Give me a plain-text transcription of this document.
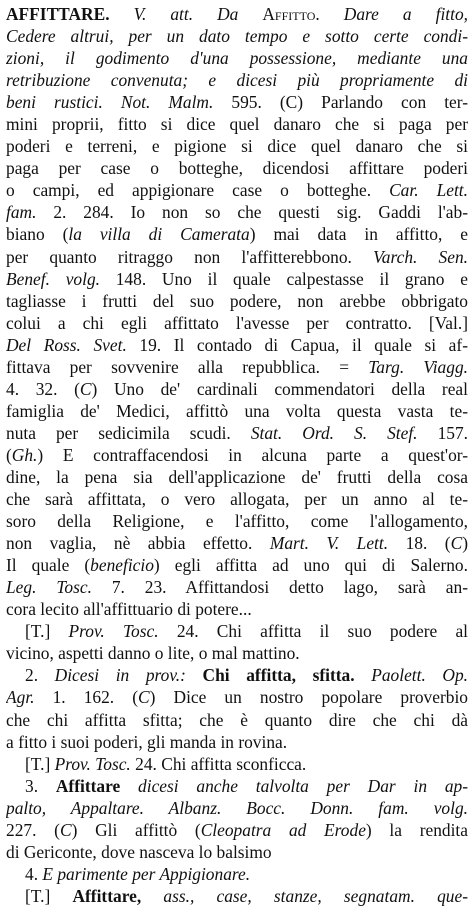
AFFITTARE. V. att. Da Affitto. Dare a fitto,
Cedere altrui, per un dato tempo e sotto certe condi-
zioni, il godimento d'una possessione, mediante una
retribuzione convenuta; e dicesi più propriamente di
beni rustici. Not. Malm. 595. (C) Parlando con ter-
mini proprii, fitto si dice quel danaro che si paga per
poderi e terreni, e pigione si dice quel danaro che si
paga per case o botteghe, dicendosi affittare poderi
o campi, ed appigionare case o botteghe. Car. Lett.
fam. 2. 284. Io non so che questi sig. Gaddi l'ab-
biano (la villa di Camerata) mai data in affitto, e
per quanto ritraggo non l'affitterebbono. Varch. Sen.
Benef. volg. 148. Uno il quale calpestasse il grano e
tagliasse i frutti del suo podere, non arebbe obbrigato
colui a chi egli affittato l'avesse per contratto. [Val.]
Del Ross. Svet. 19. Il contado di Capua, il quale si af-
fittava per sovvenire alla repubblica. = Targ. Viagg.
4. 32. (C) Uno de' cardinali commendatori della real
famiglia de' Medici, affittò una volta questa vasta te-
nuta per sedicimila scudi. Stat. Ord. S. Stef. 157.
(Gh.) E contraffacendosi in alcuna parte a quest'or-
dine, la pena sia dell'applicazione de' frutti della cosa
che sarà affittata, o vero allogata, per un anno al te-
soro della Religione, e l'affitto, come l'allogamento,
non vaglia, nè abbia effetto. Mart. V. Lett. 18. (C)
Il quale (beneficio) egli affitta ad uno qui di Salerno.
Leg. Tosc. 7. 23. Affittandosi detto lago, sarà an-
cora lecito all'affittuario di potere...
[T.] Prov. Tosc. 24. Chi affitta il suo podere al
vicino, aspetti danno o lite, o mal mattino.
2. Dicesi in prov.: Chi affitta, sfitta. Paolett. Op.
Agr. 1. 162. (C) Dice un nostro popolare proverbio
che chi affitta sfitta; che è quanto dire che chi dà
a fitto i suoi poderi, gli manda in rovina.
[T.] Prov. Tosc. 24. Chi affitta sconficca.
3. Affittare dicesi anche talvolta per Dar in ap-
palto, Appaltare. Albanz. Bocc. Donn. fam. volg.
227. (C) Gli affittò (Cleopatra ad Erode) la rendita
di Gericonte, dove nasceva lo balsimo
4. E parimente per Appigionare.
[T.] Affittare, ass., case, stanze, segnatam. que-
